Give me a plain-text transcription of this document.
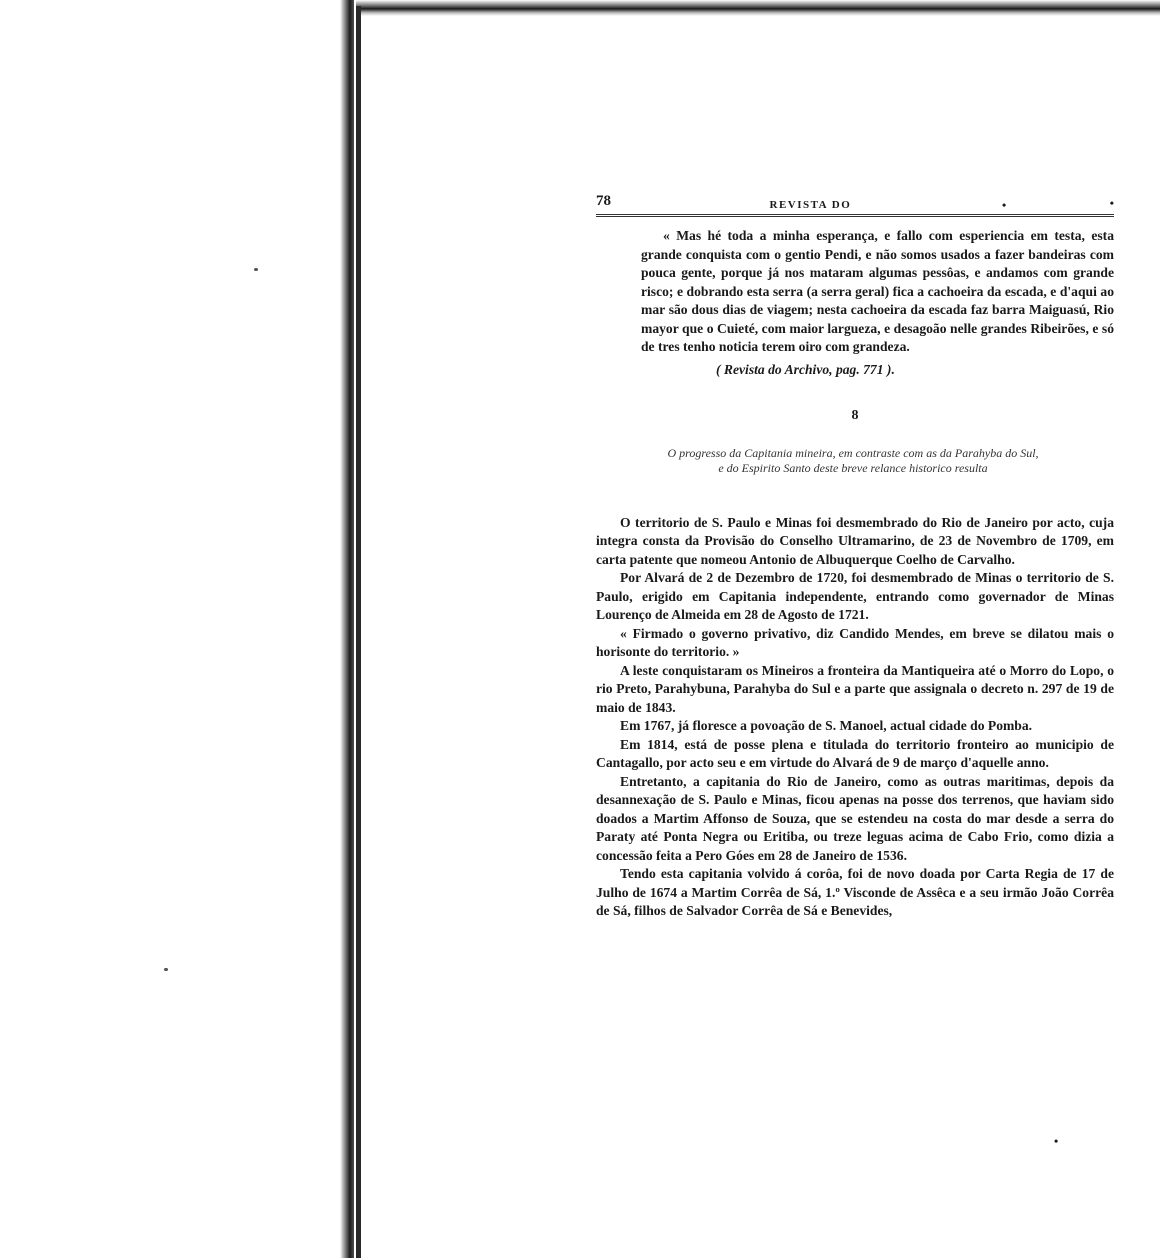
78	REVISTA DO	•	•

« Mas hé toda a minha esperança, e fallo com esperiencia em testa, esta grande conquista com o gentio Pendi, e não somos usados a fazer bandeiras com pouca gente, porque já nos mataram algumas pessôas, e andamos com grande risco; e dobrando esta serra (a serra geral) fica a cachoeira da escada, e d'aqui ao mar são dous dias de viagem; nesta cachoeira da escada faz barra Maiguasú, Rio mayor que o Cuieté, com maior largueza, e desagoão nelle grandes Ribeirões, e só de tres tenho noticia terem oiro com grandeza.

( Revista do Archivo, pag. 771 ).
8
O progresso da Capitania mineira, em contraste com as da Parahyba do Sul,
e do Espirito Santo deste breve relance historico resulta

O territorio de S. Paulo e Minas foi desmembrado do Rio de Janeiro por acto, cuja integra consta da Provisão do Conselho Ultramarino, de 23 de Novembro de 1709, em carta patente que nomeou Antonio de Albuquerque Coelho de Carvalho.

Por Alvará de 2 de Dezembro de 1720, foi desmembrado de Minas o territorio de S. Paulo, erigido em Capitania independente, entrando como governador de Minas Lourenço de Almeida em 28 de Agosto de 1721.

« Firmado o governo privativo, diz Candido Mendes, em breve se dilatou mais o horisonte do territorio. »

A leste conquistaram os Mineiros a fronteira da Mantiqueira até o Morro do Lopo, o rio Preto, Parahybuna, Parahyba do Sul e a parte que assignala o decreto n. 297 de 19 de maio de 1843.

Em 1767, já floresce a povoação de S. Manoel, actual cidade do Pomba.

Em 1814, está de posse plena e titulada do territorio fronteiro ao municipio de Cantagallo, por acto seu e em virtude do Alvará de 9 de março d'aquelle anno.

Entretanto, a capitania do Rio de Janeiro, como as outras maritimas, depois da desannexação de S. Paulo e Minas, ficou apenas na posse dos terrenos, que haviam sido doados a Martim Affonso de Souza, que se estendeu na costa do mar desde a serra do Paraty até Ponta Negra ou Eritiba, ou treze leguas acima de Cabo Frio, como dizia a concessão feita a Pero Góes em 28 de Janeiro de 1536.

Tendo esta capitania volvido á corôa, foi de novo doada por Carta Regia de 17 de Julho de 1674 a Martim Corrêa de Sá, 1.º Visconde de Assêca e a seu irmão João Corrêa de Sá, filhos de Salvador Corrêa de Sá e Benevides,

•
